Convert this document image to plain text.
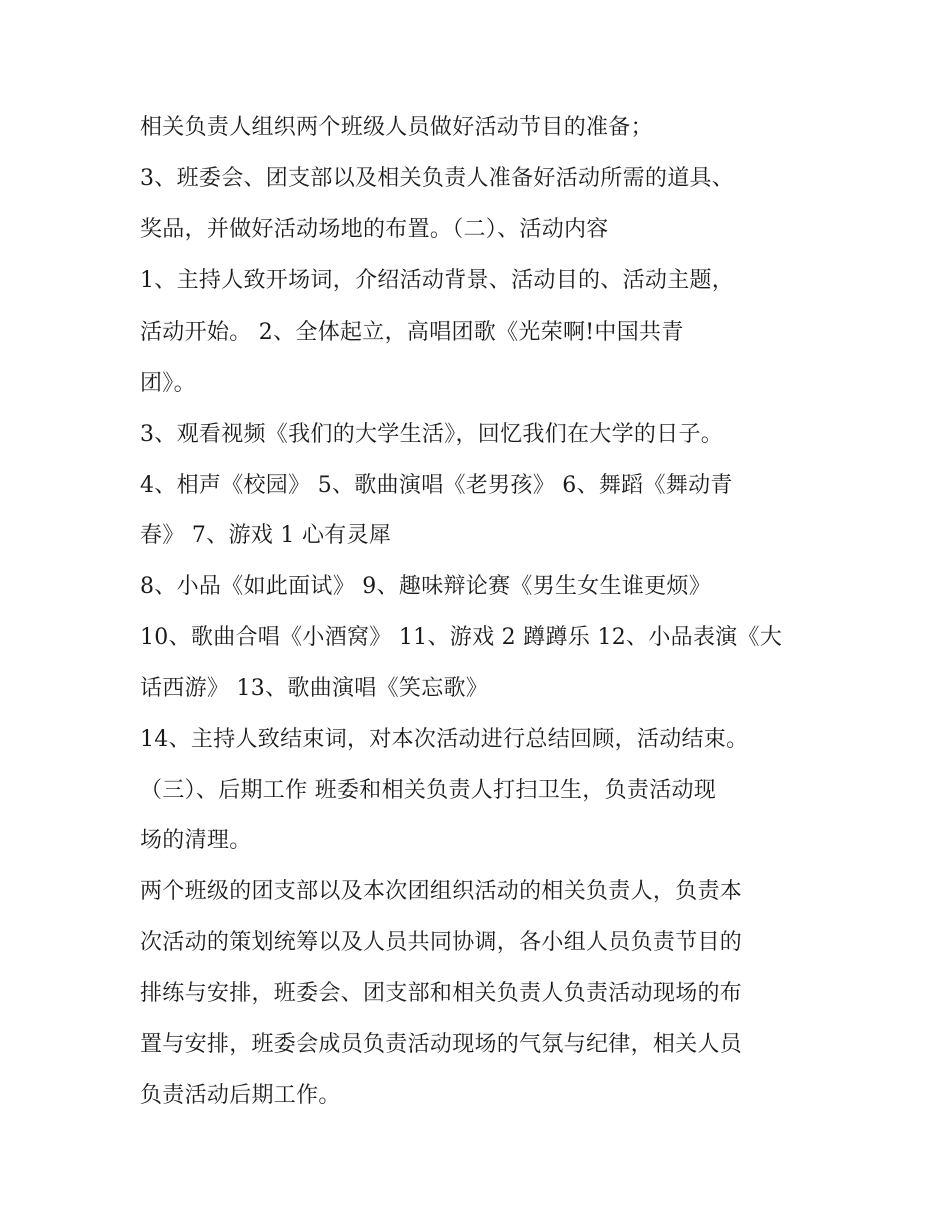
相关负责人组织两个班级人员做好活动节目的准备；

3、班委会、团支部以及相关负责人准备好活动所需的道具、

奖品，并做好活动场地的布置。（二）、活动内容

1、主持人致开场词，介绍活动背景、活动目的、活动主题，

活动开始。 2、全体起立，高唱团歌《光荣啊!中国共青

团》。

3、观看视频《我们的大学生活》，回忆我们在大学的日子。

4、相声《校园》 5、歌曲演唱《老男孩》 6、舞蹈《舞动青

春》 7、游戏 1 心有灵犀

8、小品《如此面试》 9、趣味辩论赛《男生女生谁更烦》

10、歌曲合唱《小酒窝》 11、游戏 2 蹲蹲乐 12、小品表演《大

话西游》 13、歌曲演唱《笑忘歌》

14、主持人致结束词，对本次活动进行总结回顾，活动结束。

（三）、后期工作 班委和相关负责人打扫卫生，负责活动现

场的清理。

两个班级的团支部以及本次团组织活动的相关负责人，负责本

次活动的策划统筹以及人员共同协调，各小组人员负责节目的

排练与安排，班委会、团支部和相关负责人负责活动现场的布

置与安排，班委会成员负责活动现场的气氛与纪律，相关人员

负责活动后期工作。
